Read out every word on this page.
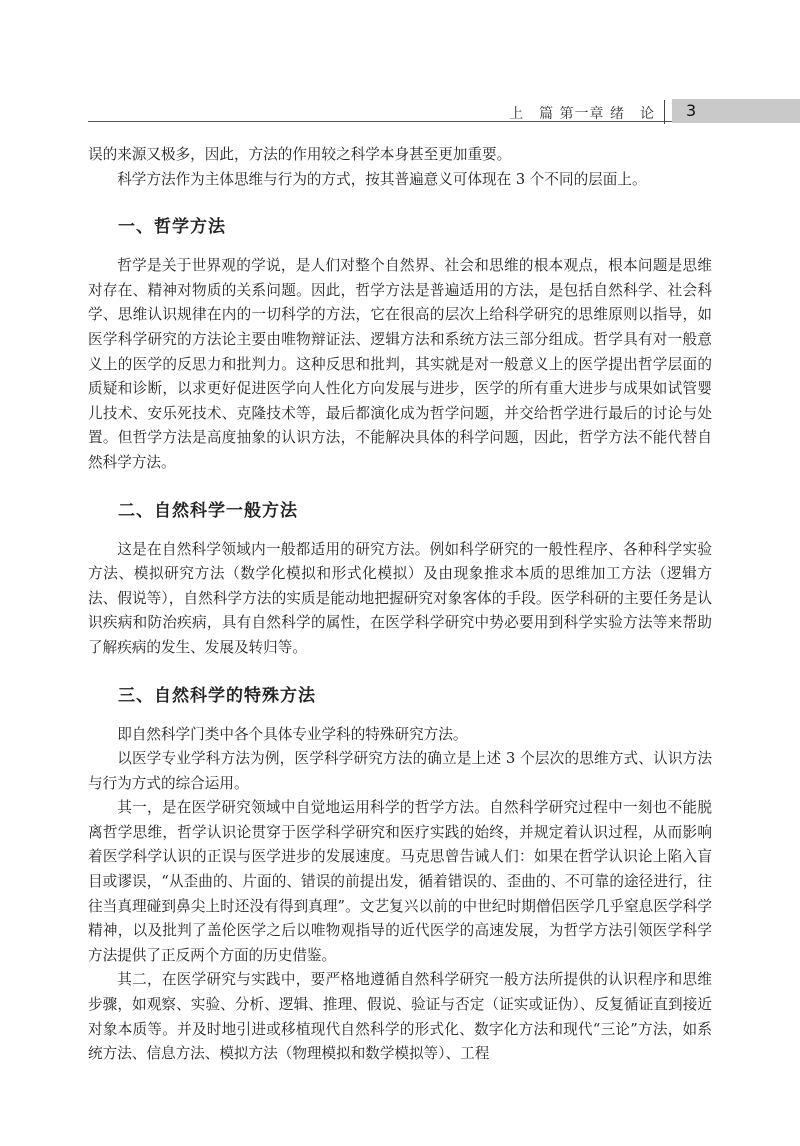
上　篇 第一章 绪　论 3

误的来源又极多，因此，方法的作用较之科学本身甚至更加重要。

科学方法作为主体思维与行为的方式，按其普遍意义可体现在 3 个不同的层面上。

一、哲学方法

哲学是关于世界观的学说，是人们对整个自然界、社会和思维的根本观点，根本问题是思维对存在、精神对物质的关系问题。因此，哲学方法是普遍适用的方法，是包括自然科学、社会科学、思维认识规律在内的一切科学的方法，它在很高的层次上给科学研究的思维原则以指导，如医学科学研究的方法论主要由唯物辩证法、逻辑方法和系统方法三部分组成。哲学具有对一般意义上的医学的反思力和批判力。这种反思和批判，其实就是对一般意义上的医学提出哲学层面的质疑和诊断，以求更好促进医学向人性化方向发展与进步，医学的所有重大进步与成果如试管婴儿技术、安乐死技术、克隆技术等，最后都演化成为哲学问题，并交给哲学进行最后的讨论与处置。但哲学方法是高度抽象的认识方法，不能解决具体的科学问题，因此，哲学方法不能代替自然科学方法。

二、自然科学一般方法

这是在自然科学领域内一般都适用的研究方法。例如科学研究的一般性程序、各种科学实验方法、模拟研究方法（数学化模拟和形式化模拟）及由现象推求本质的思维加工方法（逻辑方法、假说等），自然科学方法的实质是能动地把握研究对象客体的手段。医学科研的主要任务是认识疾病和防治疾病，具有自然科学的属性，在医学科学研究中势必要用到科学实验方法等来帮助了解疾病的发生、发展及转归等。

三、自然科学的特殊方法

即自然科学门类中各个具体专业学科的特殊研究方法。

以医学专业学科方法为例，医学科学研究方法的确立是上述 3 个层次的思维方式、认识方法与行为方式的综合运用。

其一，是在医学研究领域中自觉地运用科学的哲学方法。自然科学研究过程中一刻也不能脱离哲学思维，哲学认识论贯穿于医学科学研究和医疗实践的始终，并规定着认识过程，从而影响着医学科学认识的正误与医学进步的发展速度。马克思曾告诫人们：如果在哲学认识论上陷入盲目或谬误，“从歪曲的、片面的、错误的前提出发，循着错误的、歪曲的、不可靠的途径进行，往往当真理碰到鼻尖上时还没有得到真理”。文艺复兴以前的中世纪时期僧侣医学几乎窒息医学科学精神，以及批判了盖伦医学之后以唯物观指导的近代医学的高速发展，为哲学方法引领医学科学方法提供了正反两个方面的历史借鉴。

其二，在医学研究与实践中，要严格地遵循自然科学研究一般方法所提供的认识程序和思维步骤，如观察、实验、分析、逻辑、推理、假说、验证与否定（证实或证伪）、反复循证直到接近对象本质等。并及时地引进或移植现代自然科学的形式化、数字化方法和现代“三论”方法，如系统方法、信息方法、模拟方法（物理模拟和数学模拟等）、工程
